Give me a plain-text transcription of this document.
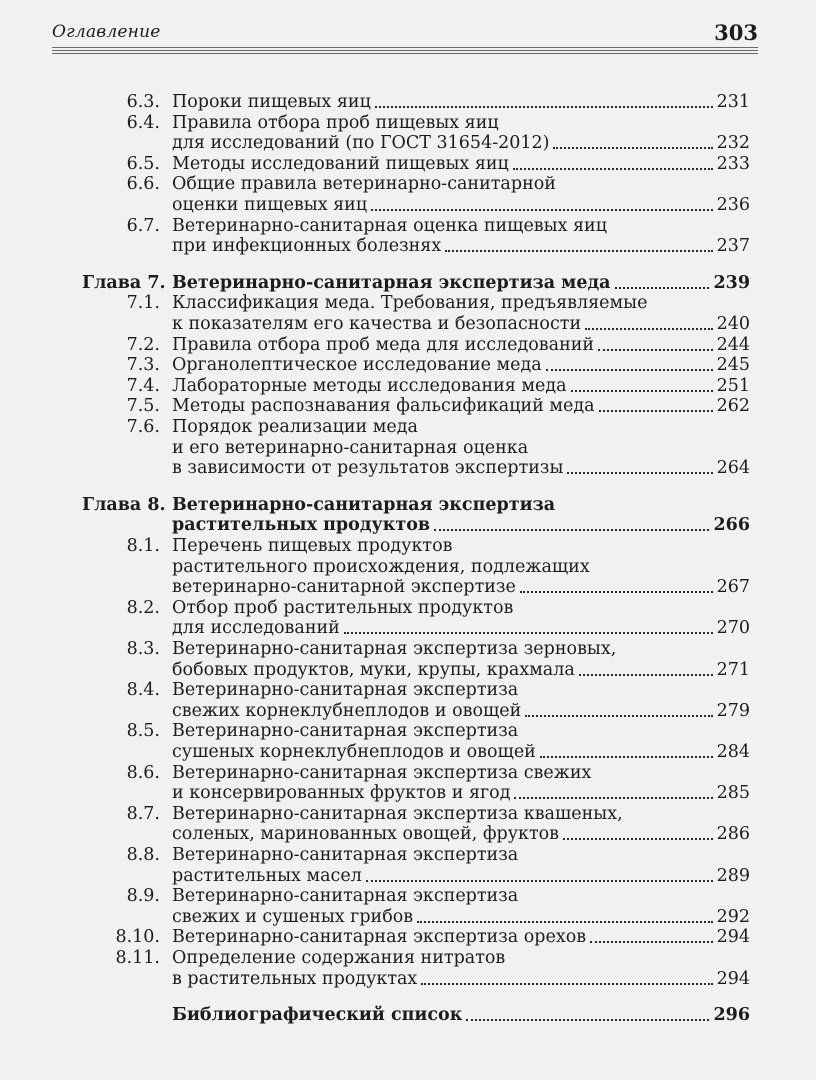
Оглавление	303
6.3. Пороки пищевых яиц	231
6.4. Правила отбора проб пищевых яиц
для исследований (по ГОСТ 31654-2012)	232
6.5. Методы исследований пищевых яиц	233
6.6. Общие правила ветеринарно-санитарной
оценки пищевых яиц	236
6.7. Ветеринарно-санитарная оценка пищевых яиц
при инфекционных болезнях	237
Глава 7. Ветеринарно-санитарная экспертиза меда	239
7.1. Классификация меда. Требования, предъявляемые
к показателям его качества и безопасности	240
7.2. Правила отбора проб меда для исследований	244
7.3. Органолептическое исследование меда	245
7.4. Лабораторные методы исследования меда	251
7.5. Методы распознавания фальсификаций меда	262
7.6. Порядок реализации меда
и его ветеринарно-санитарная оценка
в зависимости от результатов экспертизы	264
Глава 8. Ветеринарно-санитарная экспертиза
растительных продуктов	266
8.1. Перечень пищевых продуктов
растительного происхождения, подлежащих
ветеринарно-санитарной экспертизе	267
8.2. Отбор проб растительных продуктов
для исследований	270
8.3. Ветеринарно-санитарная экспертиза зерновых,
бобовых продуктов, муки, крупы, крахмала	271
8.4. Ветеринарно-санитарная экспертиза
свежих корнеклубнеплодов и овощей	279
8.5. Ветеринарно-санитарная экспертиза
сушеных корнеклубнеплодов и овощей	284
8.6. Ветеринарно-санитарная экспертиза свежих
и консервированных фруктов и ягод	285
8.7. Ветеринарно-санитарная экспертиза квашеных,
соленых, маринованных овощей, фруктов	286
8.8. Ветеринарно-санитарная экспертиза
растительных масел	289
8.9. Ветеринарно-санитарная экспертиза
свежих и сушеных грибов	292
8.10. Ветеринарно-санитарная экспертиза орехов	294
8.11. Определение содержания нитратов
в растительных продуктах	294
Библиографический список	296
